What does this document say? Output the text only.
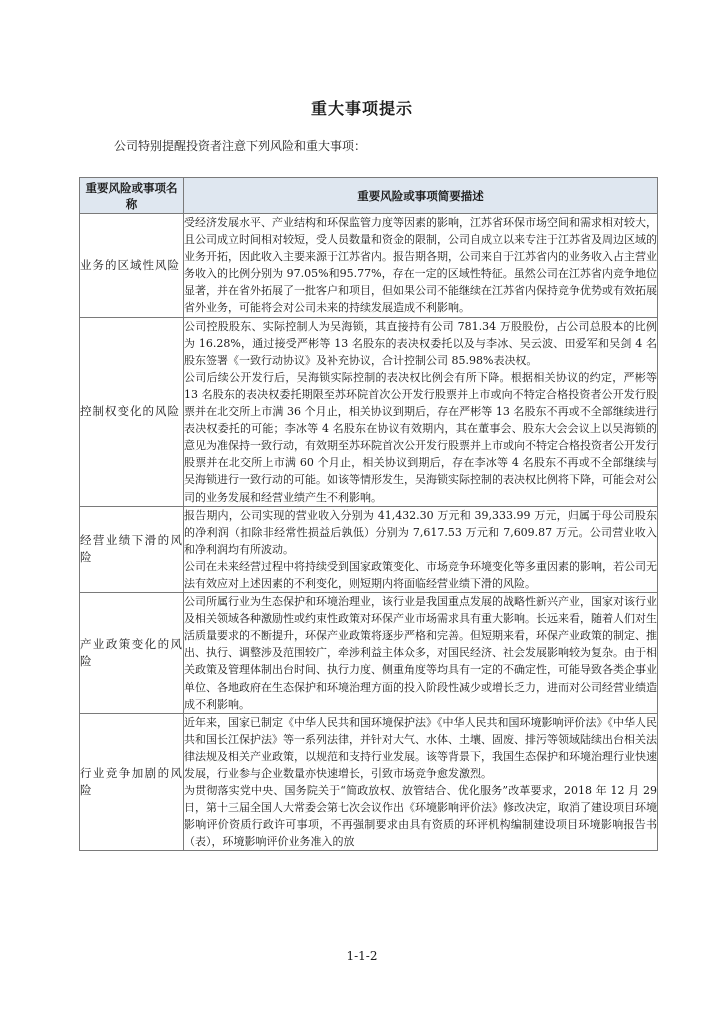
重大事项提示
公司特别提醒投资者注意下列风险和重大事项：
重要风险或事项名称	重要风险或事项简要描述
业务的区域性风险	受经济发展水平、产业结构和环保监管力度等因素的影响，江苏省环保市场空间和需求相对较大，且公司成立时间相对较短，受人员数量和资金的限制，公司自成立以来专注于江苏省及周边区域的业务开拓，因此收入主要来源于江苏省内。报告期各期，公司来自于江苏省内的业务收入占主营业务收入的比例分别为 97.05%和95.77%，存在一定的区域性特征。虽然公司在江苏省内竞争地位显著，并在省外拓展了一批客户和项目，但如果公司不能继续在江苏省内保持竞争优势或有效拓展省外业务，可能将会对公司未来的持续发展造成不利影响。

控制权变化的风险	公司控股股东、实际控制人为吴海锁，其直接持有公司 781.34 万股股份，占公司总股本的比例为 16.28%，通过接受严彬等 13 名股东的表决权委托以及与李冰、吴云波、田爱军和吴剑 4 名股东签署《一致行动协议》及补充协议，合计控制公司 85.98%表决权。

公司后续公开发行后，吴海锁实际控制的表决权比例会有所下降。根据相关协议的约定，严彬等 13 名股东的表决权委托期限至苏环院首次公开发行股票并上市或向不特定合格投资者公开发行股票并在北交所上市满 36 个月止，相关协议到期后，存在严彬等 13 名股东不再或不全部继续进行表决权委托的可能；李冰等 4 名股东在协议有效期内，其在董事会、股东大会会议上以吴海锁的意见为准保持一致行动，有效期至苏环院首次公开发行股票并上市或向不特定合格投资者公开发行股票并在北交所上市满 60 个月止，相关协议到期后，存在李冰等 4 名股东不再或不全部继续与吴海锁进行一致行动的可能。如该等情形发生，吴海锁实际控制的表决权比例将下降，可能会对公司的业务发展和经营业绩产生不利影响。

经营业绩下滑的风险	报告期内，公司实现的营业收入分别为 41,432.30 万元和 39,333.99 万元，归属于母公司股东的净利润（扣除非经常性损益后孰低）分别为 7,617.53 万元和 7,609.87 万元。公司营业收入和净利润均有所波动。

公司在未来经营过程中将持续受到国家政策变化、市场竞争环境变化等多重因素的影响，若公司无法有效应对上述因素的不利变化，则短期内将面临经营业绩下滑的风险。

产业政策变化的风险	公司所属行业为生态保护和环境治理业，该行业是我国重点发展的战略性新兴产业，国家对该行业及相关领域各种激励性或约束性政策对环保产业市场需求具有重大影响。长远来看，随着人们对生活质量要求的不断提升，环保产业政策将逐步严格和完善。但短期来看，环保产业政策的制定、推出、执行、调整涉及范围较广，牵涉利益主体众多，对国民经济、社会发展影响较为复杂。由于相关政策及管理体制出台时间、执行力度、侧重角度等均具有一定的不确定性，可能导致各类企事业单位、各地政府在生态保护和环境治理方面的投入阶段性减少或增长乏力，进而对公司经营业绩造成不利影响。

行业竞争加剧的风险	近年来，国家已制定《中华人民共和国环境保护法》《中华人民共和国环境影响评价法》《中华人民共和国长江保护法》等一系列法律，并针对大气、水体、土壤、固废、排污等领域陆续出台相关法律法规及相关产业政策，以规范和支持行业发展。该等背景下，我国生态保护和环境治理行业快速发展，行业参与企业数量亦快速增长，引致市场竞争愈发激烈。

为贯彻落实党中央、国务院关于“简政放权、放管结合、优化服务”改革要求，2018 年 12 月 29 日，第十三届全国人大常委会第七次会议作出《环境影响评价法》修改决定，取消了建设项目环境影响评价资质行政许可事项，不再强制要求由具有资质的环评机构编制建设项目环境影响报告书（表），环境影响评价业务准入的放

1-1-2
